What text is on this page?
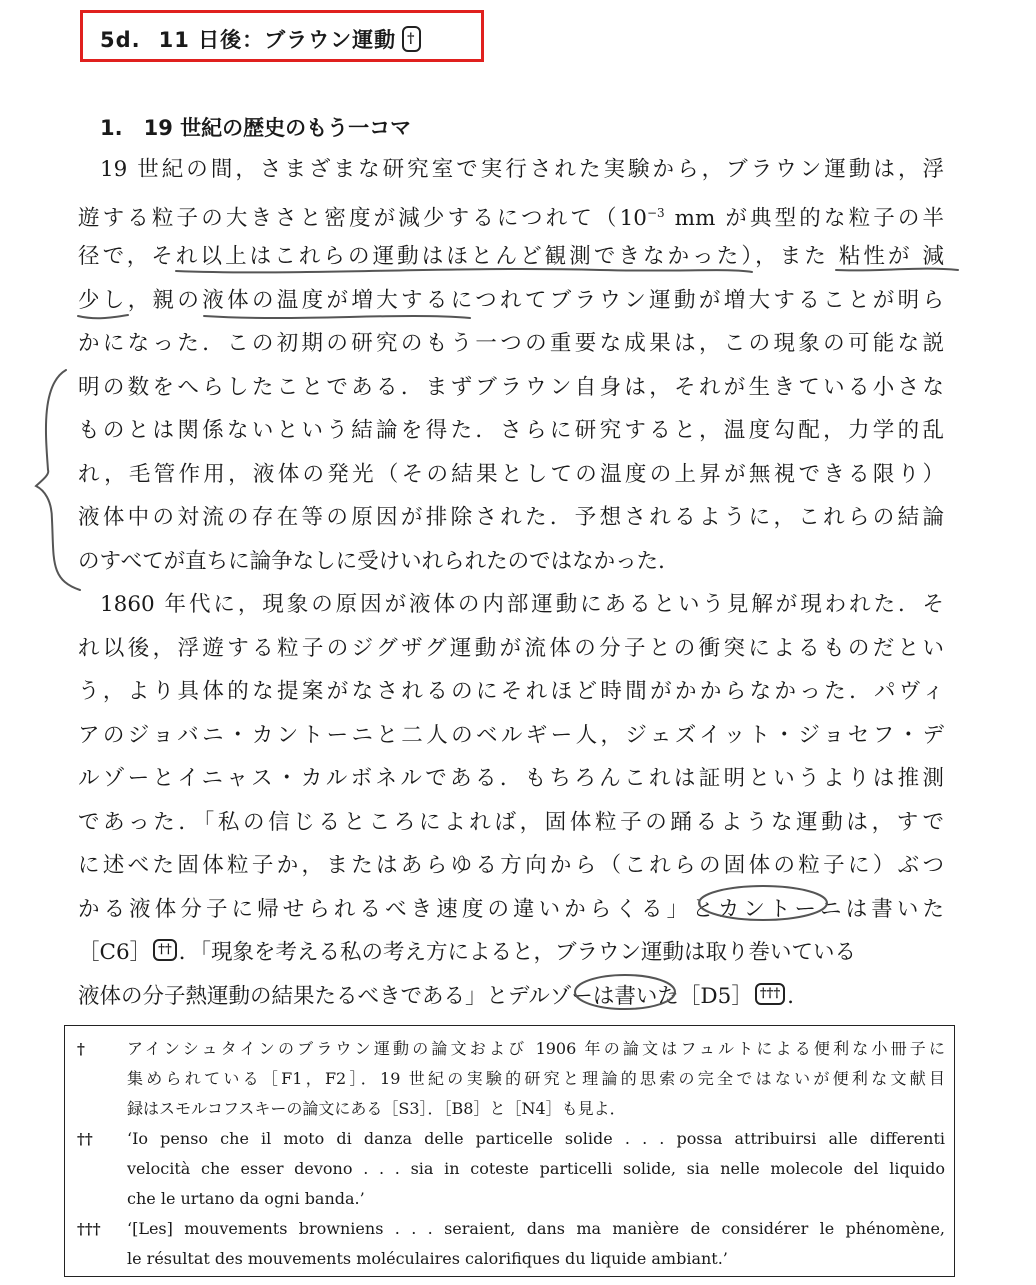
5d. 11 日後：ブラウン運動 †
1.　19 世紀の歴史のもう一コマ
19 世紀の間，さまざまな研究室で実行された実験から，ブラウン運動は，浮
遊する粒子の大きさと密度が減少するにつれて（$10^{-3}$ mm が典型的な粒子の半
径で，それ以上はこれらの運動はほとんど観測できなかった），また 粘性が 減
少し，親の液体の温度が増大するにつれてブラウン運動が増大することが明ら
かになった．この初期の研究のもう一つの重要な成果は，この現象の可能な説
明の数をへらしたことである．まずブラウン自身は，それが生きている小さな
ものとは関係ないという結論を得た．さらに研究すると，温度勾配，力学的乱
れ，毛管作用，液体の発光（その結果としての温度の上昇が無視できる限り）
液体中の対流の存在等の原因が排除された．予想されるように，これらの結論
のすべてが直ちに論争なしに受けいれられたのではなかった．
1860 年代に，現象の原因が液体の内部運動にあるという見解が現われた．そ
れ以後，浮遊する粒子のジグザグ運動が流体の分子との衝突によるものだとい
う，より具体的な提案がなされるのにそれほど時間がかからなかった．パヴィ
アのジョバニ・カントーニと二人のベルギー人，ジェズイット・ジョセフ・デ
ルゾーとイニャス・カルボネルである．もちろんこれは証明というよりは推測
であった．「私の信じるところによれば，固体粒子の踊るような運動は，すで
に述べた固体粒子か，またはあらゆる方向から（これらの固体の粒子に）ぶつ
かる液体分子に帰せられるべき速度の違いからくる」とカントーニは書いた
［C6］ †† ．「現象を考える私の考え方によると，ブラウン運動は取り巻いている
液体の分子熱運動の結果たるべきである」とデルゾーは書いた［D5］ ††† ．
†	アインシュタインのブラウン運動の論文および 1906 年の論文はフュルトによる便利な小冊子に
集められている［F1，F2］．19 世紀の実験的研究と理論的思索の完全ではないが便利な文献目
録はスモルコフスキーの論文にある［S3］．［B8］と［N4］も見よ．
††	‘Io penso che il moto di danza delle particelle solide . . . possa attribuirsi alle differenti
velocità che esser devono . . . sia in coteste particelli solide, sia nelle molecole del liquido
che le urtano da ogni banda.’
†††	‘[Les] mouvements browniens . . . seraient, dans ma manière de considérer le phénomène,
le résultat des mouvements moléculaires calorifiques du liquide ambiant.’
